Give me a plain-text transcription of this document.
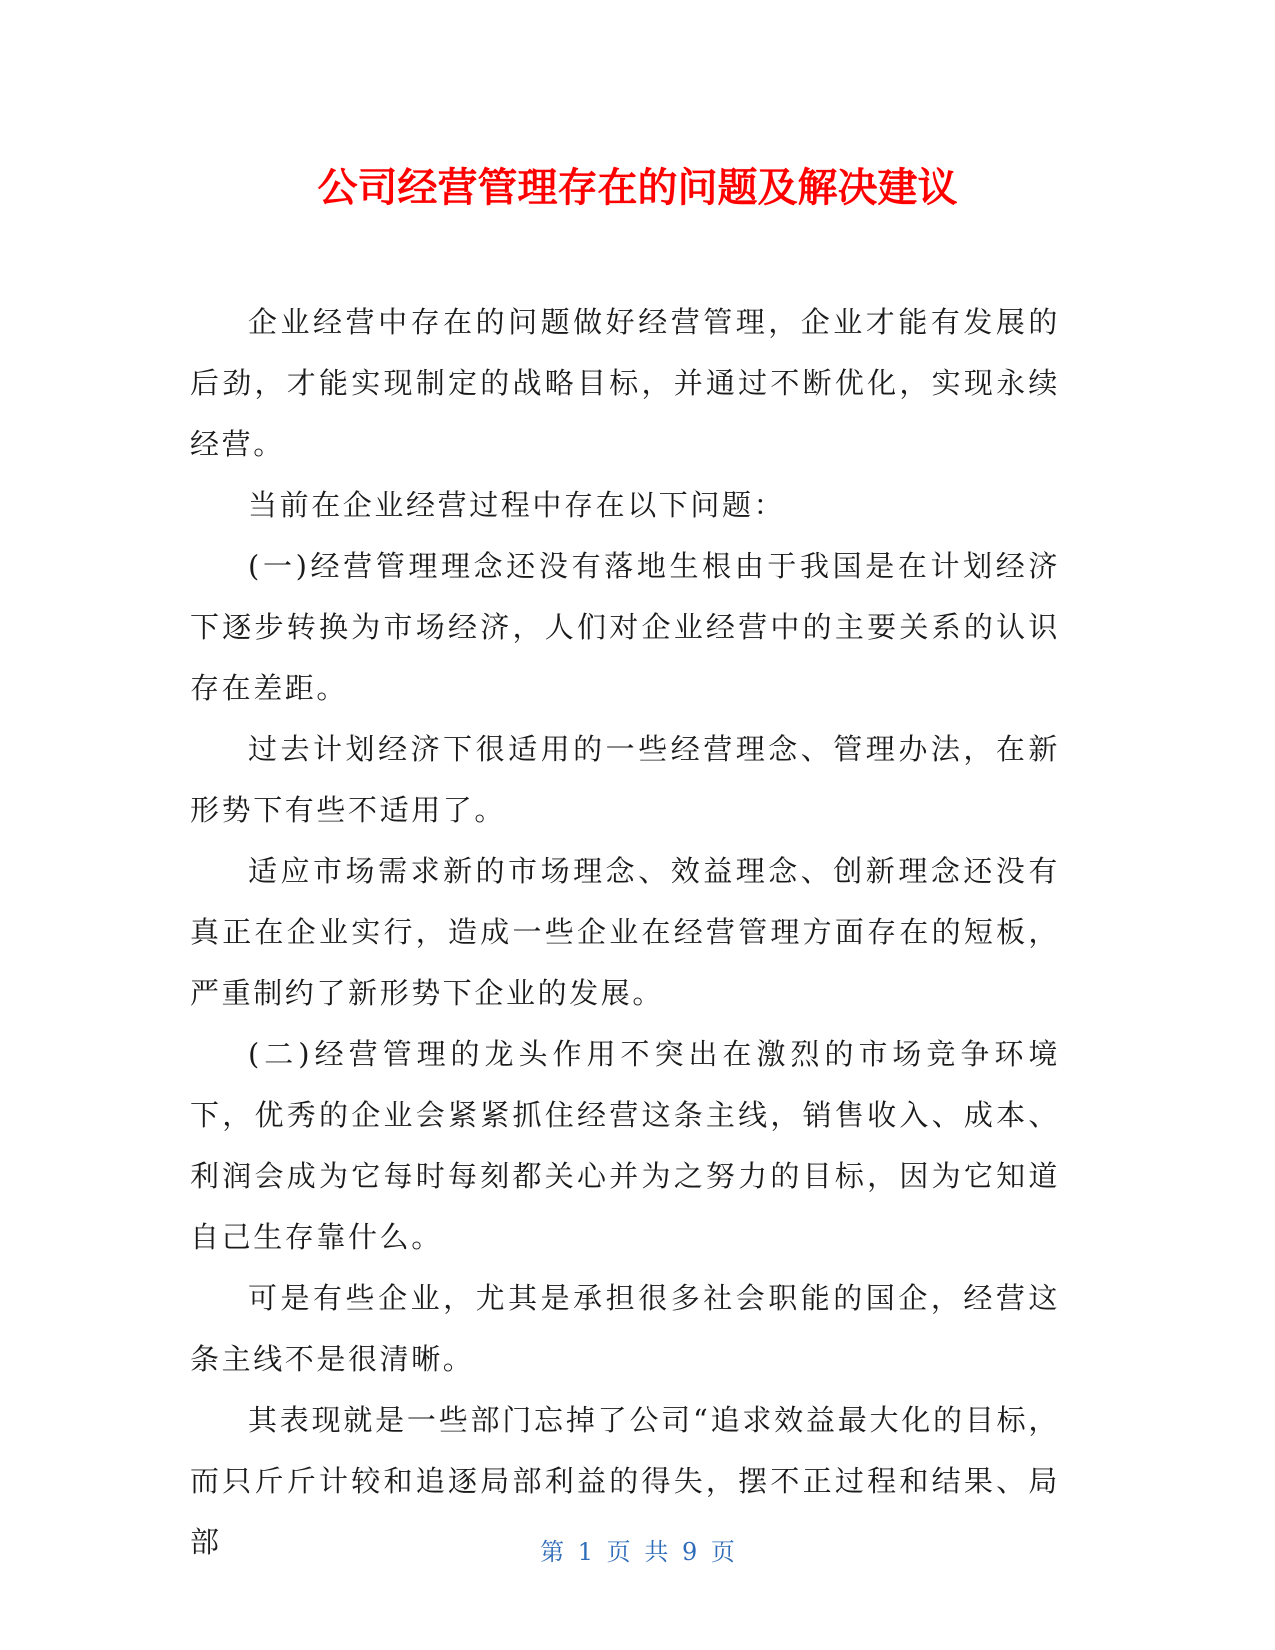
公司经营管理存在的问题及解决建议

企业经营中存在的问题做好经营管理，企业才能有发展的后劲，才能实现制定的战略目标，并通过不断优化，实现永续经营。

当前在企业经营过程中存在以下问题：

(一)经营管理理念还没有落地生根由于我国是在计划经济下逐步转换为市场经济，人们对企业经营中的主要关系的认识存在差距。

过去计划经济下很适用的一些经营理念、管理办法，在新形势下有些不适用了。

适应市场需求新的市场理念、效益理念、创新理念还没有真正在企业实行，造成一些企业在经营管理方面存在的短板，严重制约了新形势下企业的发展。

(二)经营管理的龙头作用不突出在激烈的市场竞争环境下，优秀的企业会紧紧抓住经营这条主线，销售收入、成本、利润会成为它每时每刻都关心并为之努力的目标，因为它知道自己生存靠什么。

可是有些企业，尤其是承担很多社会职能的国企，经营这条主线不是很清晰。

其表现就是一些部门忘掉了公司“追求效益最大化的目标，而只斤斤计较和追逐局部利益的得失，摆不正过程和结果、局部	第 1 页 共 9 页
